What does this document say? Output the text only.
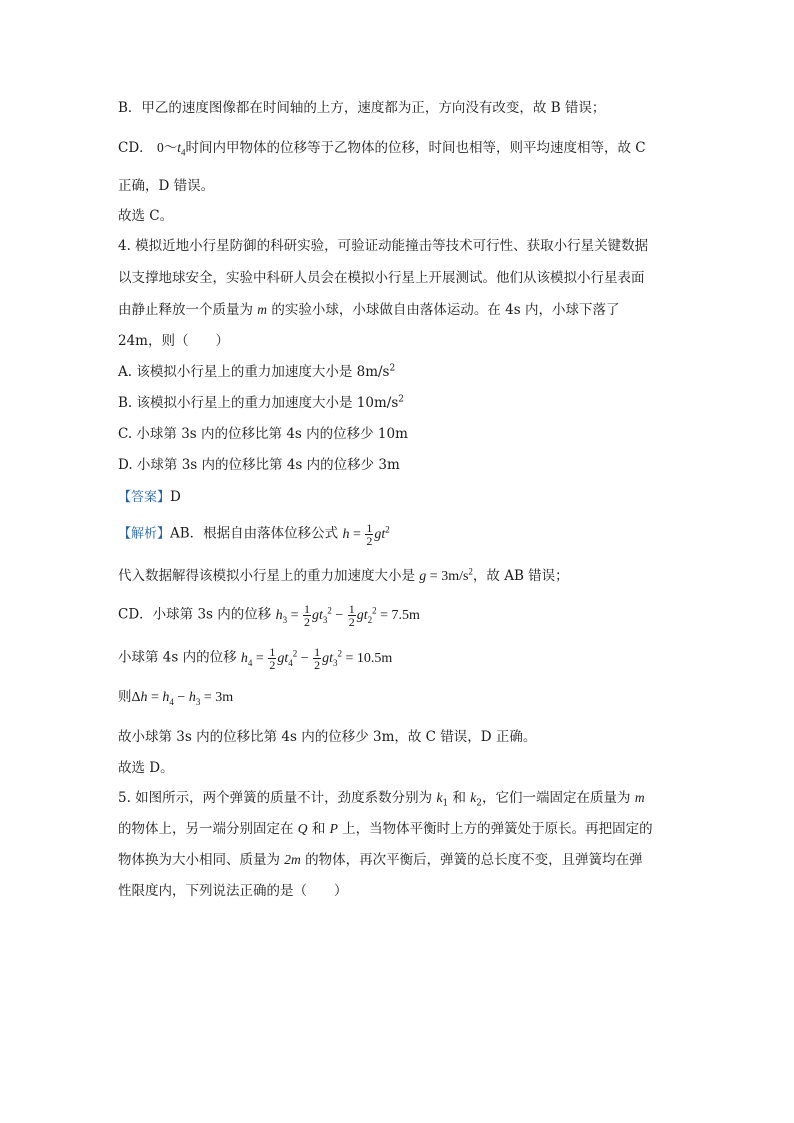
B．甲乙的速度图像都在时间轴的上方，速度都为正，方向没有改变，故 B 错误；
CD． $0\sim t_4$时间内甲物体的位移等于乙物体的位移，时间也相等，则平均速度相等，故 C
正确，D 错误。
故选 C。
4. 模拟近地小行星防御的科研实验，可验证动能撞击等技术可行性、获取小行星关键数据
以支撑地球安全，实验中科研人员会在模拟小行星上开展测试。他们从该模拟小行星表面
由静止释放一个质量为 m 的实验小球，小球做自由落体运动。在 4s 内，小球下落了
24m，则（　　）
A. 该模拟小行星上的重力加速度大小是 $8m/s^2$
B. 该模拟小行星上的重力加速度大小是 $10m/s^2$
C. 小球第 3s 内的位移比第 4s 内的位移少 10m
D. 小球第 3s 内的位移比第 4s 内的位移少 3m
【答案】D
【解析】AB．根据自由落体位移公式 $h = \frac{1}{2} gt^2$
代入数据解得该模拟小行星上的重力加速度大小是 $g = 3m/s^2$，故 AB 错误；
CD．小球第 3s 内的位移 $h_3 = \frac{1}{2} gt_3^2 - \frac{1}{2} gt_2^2 = 7.5m$
小球第 4s 内的位移 $h_4 = \frac{1}{2} gt_4^2 - \frac{1}{2} gt_3^2 = 10.5m$
则$\Delta h = h_4 - h_3 = 3m$
故小球第 3s 内的位移比第 4s 内的位移少 3m，故 C 错误，D 正确。
故选 D。
5. 如图所示，两个弹簧的质量不计，劲度系数分别为 $k_1$ 和 $k_2$，它们一端固定在质量为 m
的物体上，另一端分别固定在 Q 和 P 上，当物体平衡时上方的弹簧处于原长。再把固定的
物体换为大小相同、质量为 2m 的物体，再次平衡后，弹簧的总长度不变，且弹簧均在弹
性限度内，下列说法正确的是（　　）
